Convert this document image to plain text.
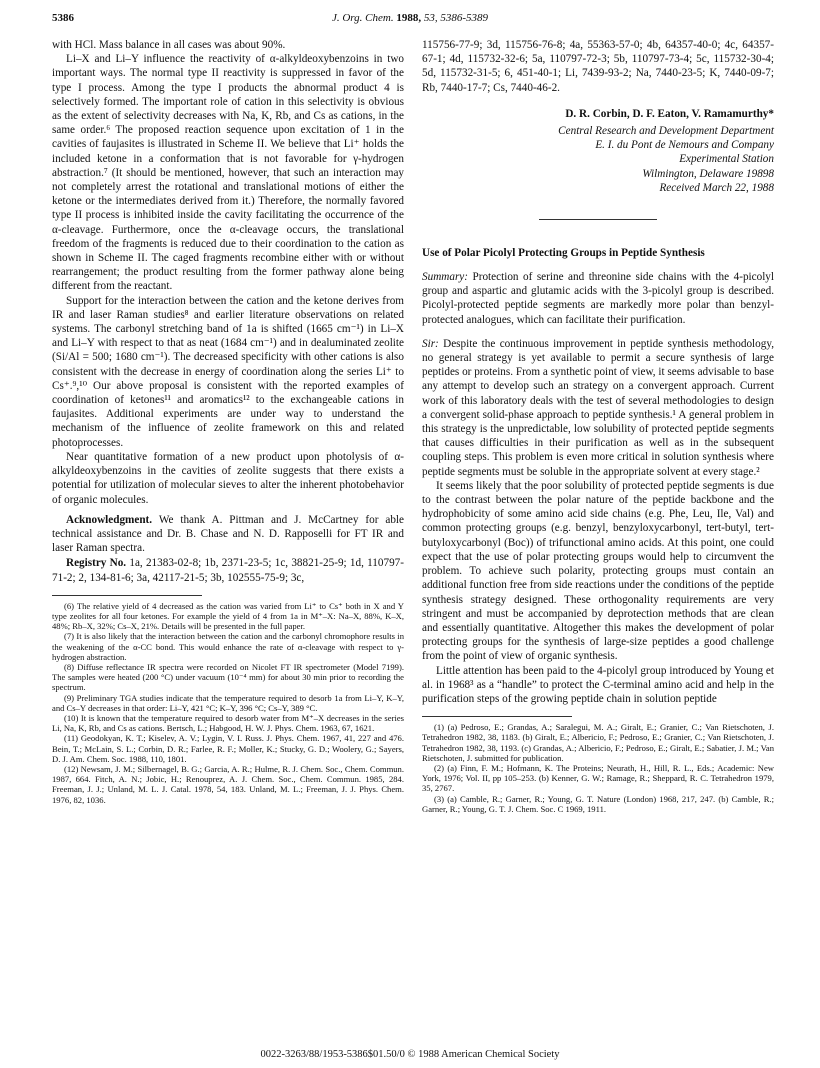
5386	J. Org. Chem. 1988, 53, 5386-5389

with HCl. Mass balance in all cases was about 90%.

Li–X and Li–Y influence the reactivity of α-alkyldeoxybenzoins in two important ways. The normal type II reactivity is suppressed in favor of the type I process. Among the type I products the abnormal product 4 is selectively formed. The important role of cation in this selectivity is obvious as the extent of selectivity decreases with Na, K, Rb, and Cs as cations, in the same order.⁶ The proposed reaction sequence upon excitation of 1 in the cavities of faujasites is illustrated in Scheme II. We believe that Li⁺ holds the included ketone in a conformation that is not favorable for γ-hydrogen abstraction.⁷ (It should be mentioned, however, that such an interaction may not completely arrest the rotational and translational motions of either the ketone or the intermediates derived from it.) Therefore, the normally favored type II process is inhibited inside the cavity facilitating the occurrence of the α-cleavage. Furthermore, once the α-cleavage occurs, the translational freedom of the fragments is reduced due to their coordination to the cation as shown in Scheme II. The caged fragments recombine either with or without rearrangement; the product resulting from the former pathway alone being different from the reactant.

Support for the interaction between the cation and the ketone derives from IR and laser Raman studies⁸ and earlier literature observations on related systems. The carbonyl stretching band of 1a is shifted (1665 cm⁻¹) in Li–X and Li–Y with respect to that as neat (1684 cm⁻¹) and in dealuminated zeolite (Si/Al = 500; 1680 cm⁻¹). The decreased specificity with other cations is also consistent with the decrease in energy of coordination along the series Li⁺ to Cs⁺.⁹,¹⁰ Our above proposal is consistent with the reported examples of coordination of ketones¹¹ and aromatics¹² to the exchangeable cations in faujasites. Additional experiments are under way to understand the mechanism of the influence of zeolite framework on this and related photoprocesses.

Near quantitative formation of a new product upon photolysis of α-alkyldeoxybenzoins in the cavities of zeolite suggests that there exists a potential for utilization of molecular sieves to alter the inherent photobehavior of organic molecules.

Acknowledgment. We thank A. Pittman and J. McCartney for able technical assistance and Dr. B. Chase and N. D. Rapposelli for FT IR and laser Raman spectra.

Registry No. 1a, 21383-02-8; 1b, 2371-23-5; 1c, 38821-25-9; 1d, 110797-71-2; 2, 134-81-6; 3a, 42117-21-5; 3b, 102555-75-9; 3c,

(6) The relative yield of 4 decreased as the cation was varied from Li⁺ to Cs⁺ both in X and Y type zeolites for all four ketones. For example the yield of 4 from 1a in M⁺–X: Na–X, 88%, K–X, 48%; Rb–X, 32%; Cs–X, 21%. Details will be presented in the full paper.

(7) It is also likely that the interaction between the cation and the carbonyl chromophore results in the weakening of the α-CC bond. This would enhance the rate of α-cleavage with respect to γ-hydrogen abstraction.

(8) Diffuse reflectance IR spectra were recorded on Nicolet FT IR spectrometer (Model 7199). The samples were heated (200 °C) under vacuum (10⁻⁴ mm) for about 30 min prior to recording the spectrum.

(9) Preliminary TGA studies indicate that the temperature required to desorb 1a from Li–Y, K–Y, and Cs–Y decreases in that order: Li–Y, 421 °C; K–Y, 396 °C; Cs–Y, 389 °C.

(10) It is known that the temperature required to desorb water from M⁺–X decreases in the series Li, Na, K, Rb, and Cs as cations. Bertsch, L.; Habgood, H. W. J. Phys. Chem. 1963, 67, 1621.

(11) Geodokyan, K. T.; Kiselev, A. V.; Lygin, V. I. Russ. J. Phys. Chem. 1967, 41, 227 and 476. Bein, T.; McLain, S. L.; Corbin, D. R.; Farlee, R. F.; Moller, K.; Stucky, G. D.; Woolery, G.; Sayers, D. J. Am. Chem. Soc. 1988, 110, 1801.

(12) Newsam, J. M.; Silbernagel, B. G.; Garcia, A. R.; Hulme, R. J. Chem. Soc., Chem. Commun. 1987, 664. Fitch, A. N.; Jobic, H.; Renouprez, A. J. Chem. Soc., Chem. Commun. 1985, 284. Freeman, J. J.; Unland, M. L. J. Catal. 1978, 54, 183. Unland, M. L.; Freeman, J. J. Phys. Chem. 1976, 82, 1036.

115756-77-9; 3d, 115756-76-8; 4a, 55363-57-0; 4b, 64357-40-0; 4c, 64357-67-1; 4d, 115732-32-6; 5a, 110797-72-3; 5b, 110797-73-4; 5c, 115732-30-4; 5d, 115732-31-5; 6, 451-40-1; Li, 7439-93-2; Na, 7440-23-5; K, 7440-09-7; Rb, 7440-17-7; Cs, 7440-46-2.

D. R. Corbin, D. F. Eaton, V. Ramamurthy*
Central Research and Development Department
E. I. du Pont de Nemours and Company
Experimental Station
Wilmington, Delaware 19898
Received March 22, 1988

Use of Polar Picolyl Protecting Groups in Peptide Synthesis

Summary: Protection of serine and threonine side chains with the 4-picolyl group and aspartic and glutamic acids with the 3-picolyl group is described. Picolyl-protected peptide segments are markedly more polar than benzyl-protected analogues, which can facilitate their purification.

Sir: Despite the continuous improvement in peptide synthesis methodology, no general strategy is yet available to permit a secure synthesis of large peptides or proteins. From a synthetic point of view, it seems advisable to base any attempt to develop such an strategy on a convergent approach. Current work of this laboratory deals with the test of several methodologies to design a convergent solid-phase approach to peptide synthesis.¹ A general problem in this strategy is the unpredictable, low solubility of protected peptide segments that causes difficulties in their purification as well as in the subsequent coupling steps. This problem is even more critical in solution synthesis where peptide segments must be soluble in the appropriate solvent at every stage.²

It seems likely that the poor solubility of protected peptide segments is due to the contrast between the polar nature of the peptide backbone and the hydrophobicity of some amino acid side chains (e.g. Phe, Leu, Ile, Val) and common protecting groups (e.g. benzyl, benzyloxycarbonyl, tert-butyl, tert-butyloxycarbonyl (Boc)) of trifunctional amino acids. At this point, one could expect that the use of polar protecting groups would help to circumvent the problem. To achieve such polarity, protecting groups must contain an additional function free from side reactions under the conditions of the peptide synthesis strategy designed. These orthogonality requirements are very stringent and must be accompanied by deprotection methods that are clean and essentially quantitative. Altogether this makes the development of polar protecting groups for the synthesis of large-size peptides a good challenge from the point of view of organic synthesis.

Little attention has been paid to the 4-picolyl group introduced by Young et al. in 1968³ as a “handle” to protect the C-terminal amino acid and help in the purification steps of the growing peptide chain in solution peptide

(1) (a) Pedroso, E.; Grandas, A.; Saralegui, M. A.; Giralt, E.; Granier, C.; Van Rietschoten, J. Tetrahedron 1982, 38, 1183. (b) Giralt, E.; Albericio, F.; Pedroso, E.; Granier, C.; Van Rietschoten, J. Tetrahedron 1982, 38, 1193. (c) Grandas, A.; Albericio, F.; Pedroso, E.; Giralt, E.; Sabatier, J. M.; Van Rietschoten, J. submitted for publication.

(2) (a) Finn, F. M.; Hofmann, K. The Proteins; Neurath, H., Hill, R. L., Eds.; Academic: New York, 1976; Vol. II, pp 105–253. (b) Kenner, G. W.; Ramage, R.; Sheppard, R. C. Tetrahedron 1979, 35, 2767.

(3) (a) Camble, R.; Garner, R.; Young, G. T. Nature (London) 1968, 217, 247. (b) Camble, R.; Garner, R.; Young, G. T. J. Chem. Soc. C 1969, 1911.

0022-3263/88/1953-5386$01.50/0 © 1988 American Chemical Society
